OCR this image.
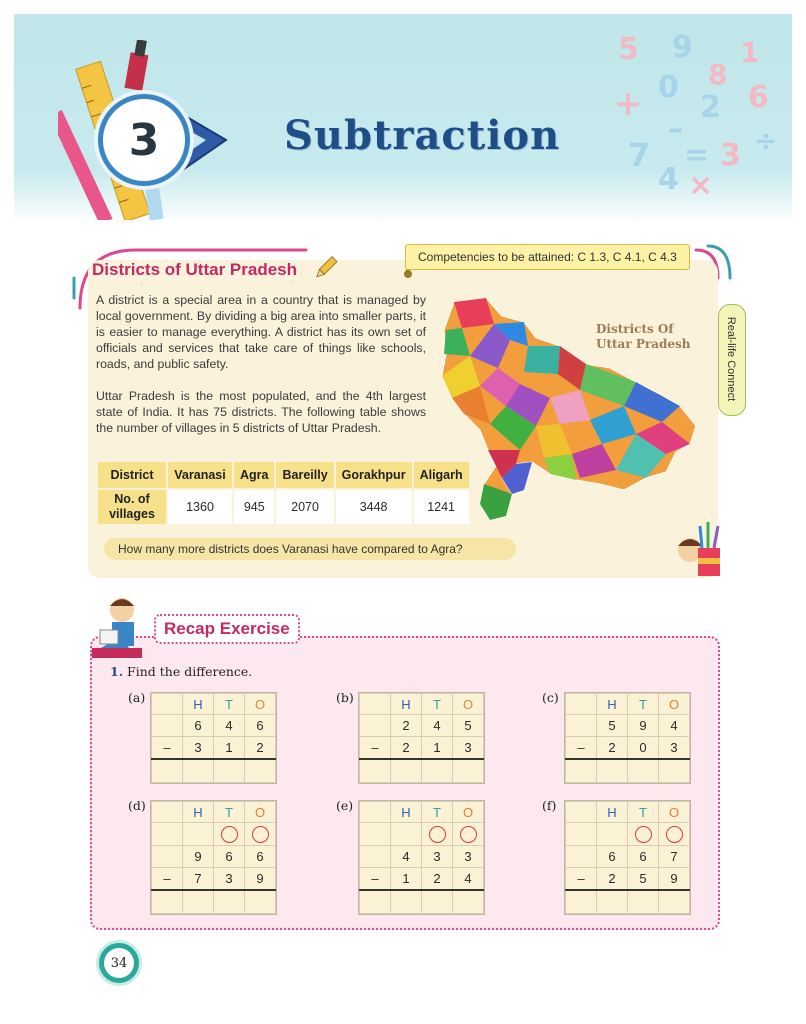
3	Subtraction
5 9 1
8
0
+ 2 6
7
–
= 3
4 ×
÷
Districts of Uttar Pradesh
Competencies to be attained: C 1.3, C 4.1, C 4.3
A district is a special area in a country that is managed by local government. By dividing a big area into smaller parts, it is easier to manage everything. A district has its own set of officials and services that take care of things like schools, roads, and public safety.
Uttar Pradesh is the most populated, and the 4th largest state of India. It has 75 districts. The following table shows the number of villages in 5 districts of Uttar Pradesh.
District	Varanasi	Agra	Bareilly	Gorakhpur	Aligarh
No. of villages	1360	945	2070	3448	1241
How many more districts does Varanasi have compared to Agra?
Districts Of
Uttar Pradesh	Real-life Connect
Recap Exercise
1. Find the difference.
(a)
		H	T	O
	6	4	6
–	3	1	2

(b)
		H	T	O
	2	4	5
–	2	1	3

(c)
		H	T	O
	5	9	4
–	2	0	3

(d)
		H	T	O

	9	6	6
–	7	3	9

(e)
		H	T	O

	4	3	3
–	1	2	4

(f)
		H	T	O

	6	6	7
–	2	5	9

34
